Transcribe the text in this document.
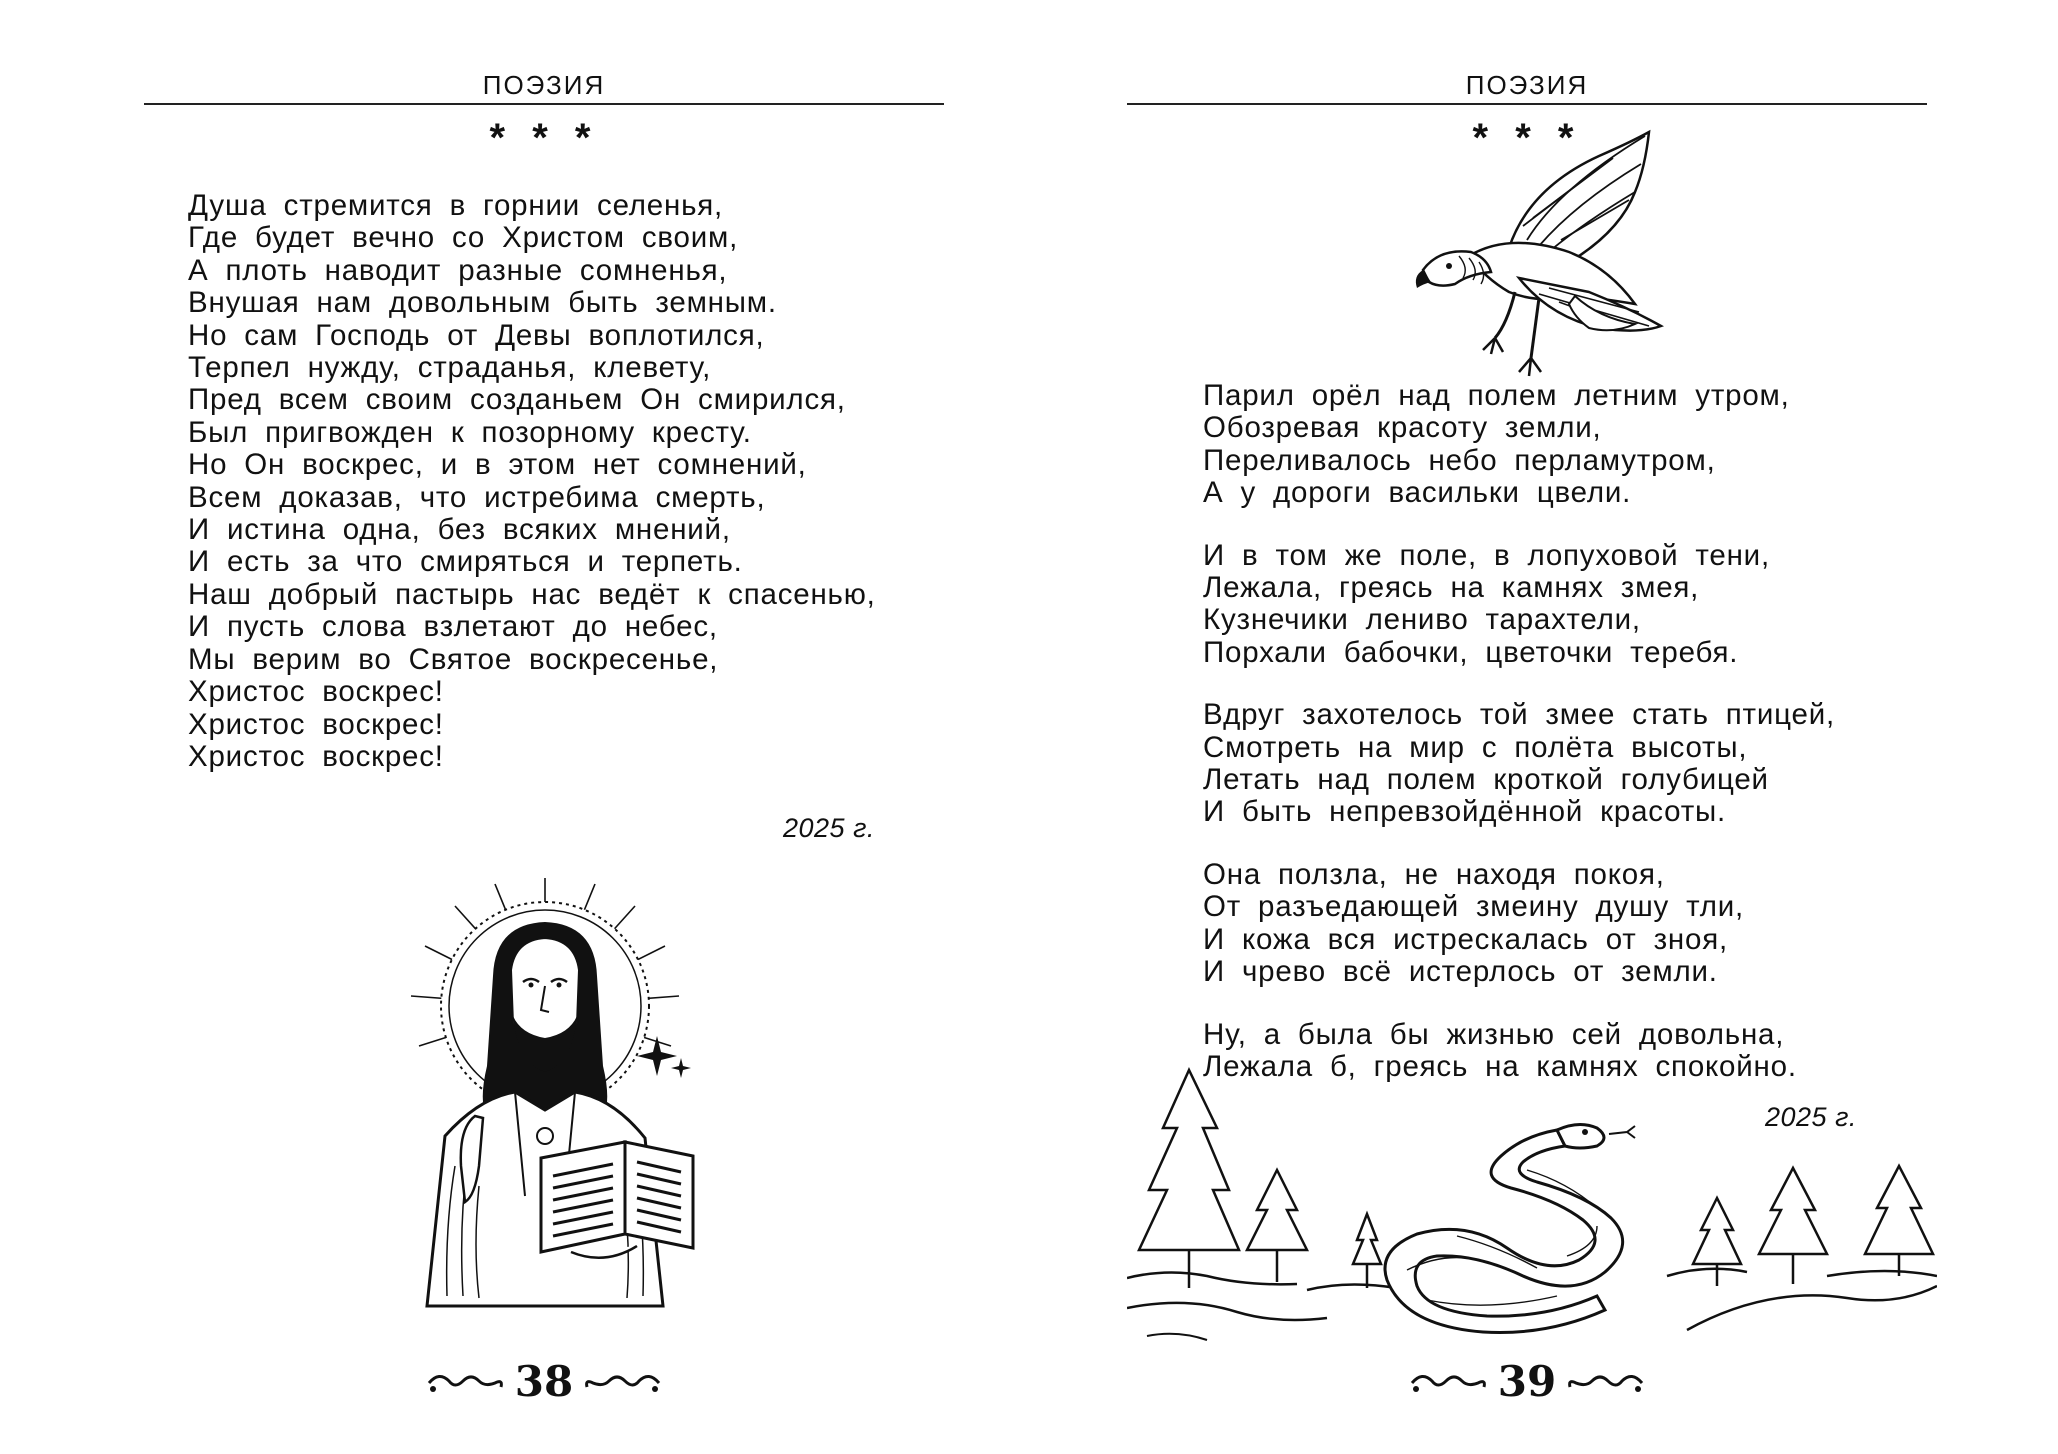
ПОЭЗИЯ
* * *
Душа стремится в горнии селенья,
Где будет вечно со Христом своим,
А плоть наводит разные сомненья,
Внушая нам довольным быть земным.
Но сам Господь от Девы воплотился,
Терпел нужду, страданья, клевету,
Пред всем своим созданьем Он смирился,
Был пригвожден к позорному кресту.
Но Он воскрес, и в этом нет сомнений,
Всем доказав, что истребима смерть,
И истина одна, без всяких мнений,
И есть за что смиряться и терпеть.
Наш добрый пастырь нас ведёт к спасенью,
И пусть слова взлетают до небес,
Мы верим во Святое воскресенье,
Христос воскрес!
Христос воскрес!
Христос воскрес!
2025 г.
38
ПОЭЗИЯ
* * *
Парил орёл над полем летним утром,
Обозревая красоту земли,
Переливалось небо перламутром,
А у дороги васильки цвели.
И в том же поле, в лопуховой тени,
Лежала, греясь на камнях змея,
Кузнечики лениво тарахтели,
Порхали бабочки, цветочки теребя.
Вдруг захотелось той змее стать птицей,
Смотреть на мир с полёта высоты,
Летать над полем кроткой голубицей
И быть непревзойдённой красоты.
Она ползла, не находя покоя,
От разъедающей змеину душу тли,
И кожа вся истрескалась от зноя,
И чрево всё истерлось от земли.
Ну, а была бы жизнью сей довольна,
Лежала б, греясь на камнях спокойно.
2025 г.
39
